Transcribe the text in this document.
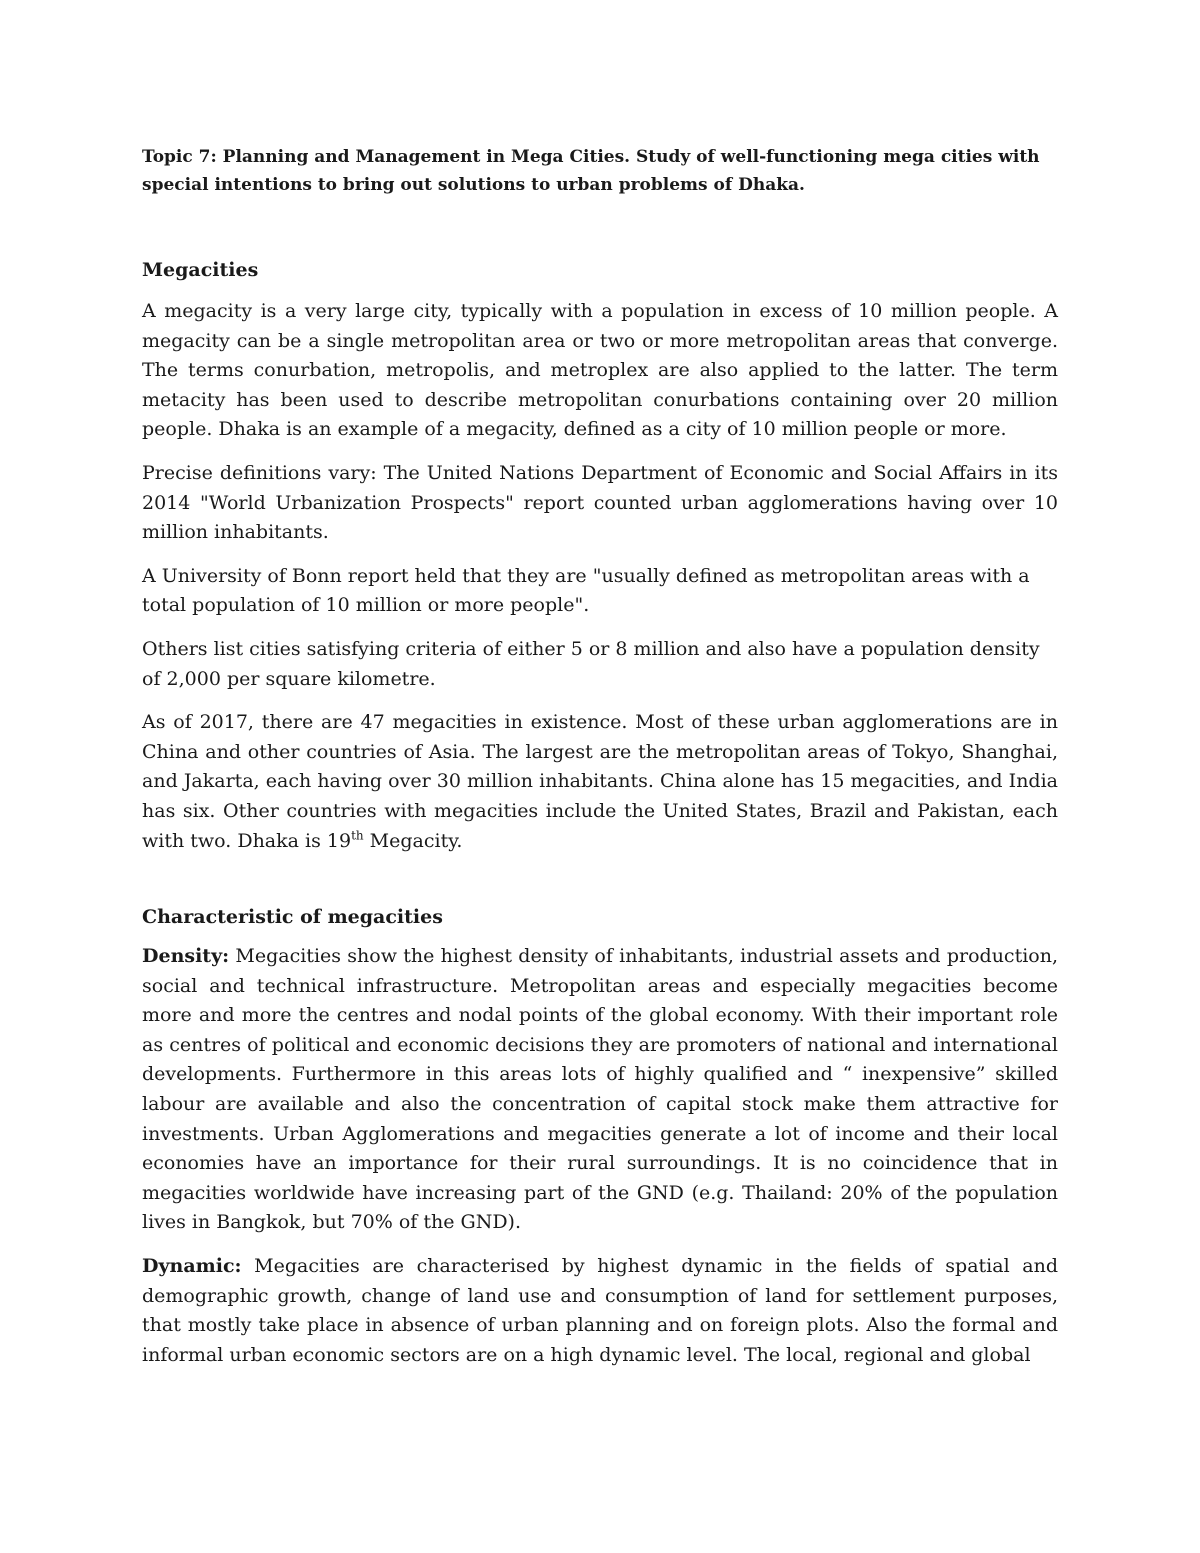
Topic 7: Planning and Management in Mega Cities. Study of well-functioning mega cities with special intentions to bring out solutions to urban problems of Dhaka.

Megacities

A megacity is a very large city, typically with a population in excess of 10 million people. A megacity can be a single metropolitan area or two or more metropolitan areas that converge. The terms conurbation, metropolis, and metroplex are also applied to the latter. The term metacity has been used to describe metropolitan conurbations containing over 20 million people. Dhaka is an example of a megacity, defined as a city of 10 million people or more.

Precise definitions vary: The United Nations Department of Economic and Social Affairs in its 2014 "World Urbanization Prospects" report counted urban agglomerations having over 10 million inhabitants.

A University of Bonn report held that they are "usually defined as metropolitan areas with a total population of 10 million or more people".

Others list cities satisfying criteria of either 5 or 8 million and also have a population density of 2,000 per square kilometre.

As of 2017, there are 47 megacities in existence. Most of these urban agglomerations are in China and other countries of Asia. The largest are the metropolitan areas of Tokyo, Shanghai, and Jakarta, each having over 30 million inhabitants. China alone has 15 megacities, and India has six. Other countries with megacities include the United States, Brazil and Pakistan, each with two. Dhaka is 19th Megacity.

Characteristic of megacities

Density: Megacities show the highest density of inhabitants, industrial assets and production, social and technical infrastructure. Metropolitan areas and especially megacities become more and more the centres and nodal points of the global economy. With their important role as centres of political and economic decisions they are promoters of national and international developments. Furthermore in this areas lots of highly qualified and “ inexpensive” skilled labour are available and also the concentration of capital stock make them attractive for investments. Urban Agglomerations and megacities generate a lot of income and their local economies have an importance for their rural surroundings. It is no coincidence that in megacities worldwide have increasing part of the GND (e.g. Thailand: 20% of the population lives in Bangkok, but 70% of the GND).

Dynamic: Megacities are characterised by highest dynamic in the fields of spatial and demographic growth, change of land use and consumption of land for settlement purposes, that mostly take place in absence of urban planning and on foreign plots. Also the formal and informal urban economic sectors are on a high dynamic level. The local, regional and global
